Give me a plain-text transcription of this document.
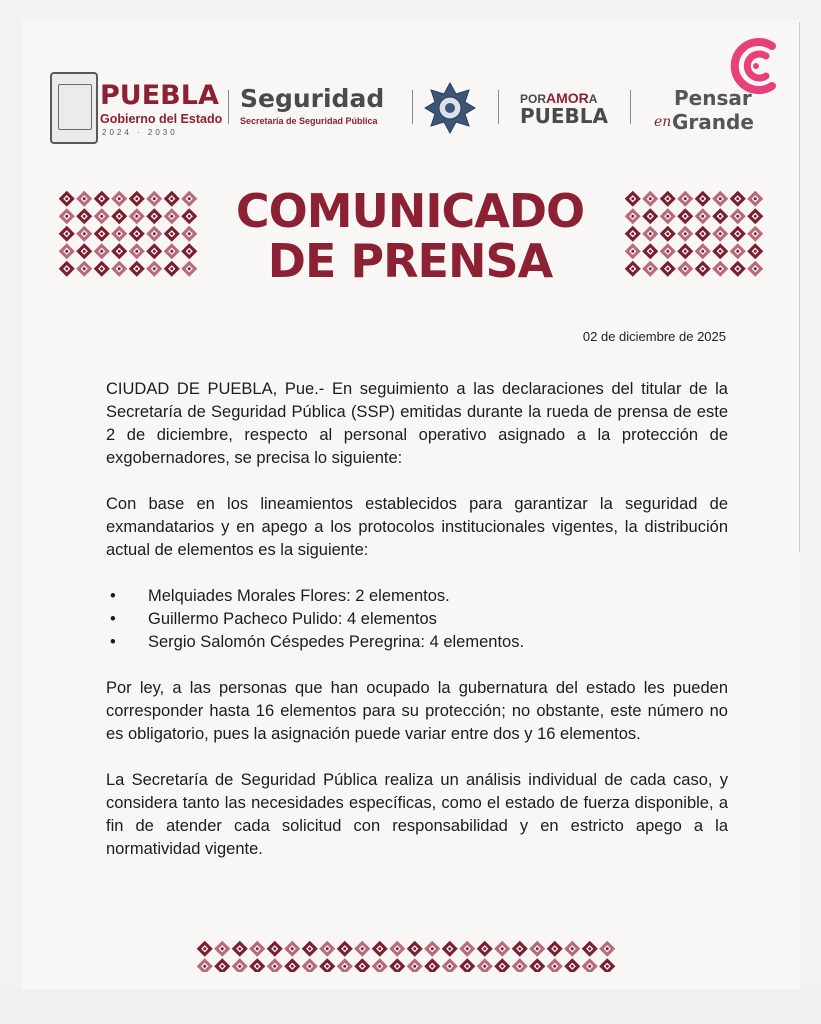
PUEBLA
Gobierno del Estado
2024 · 2030
Seguridad
Secretaría de Seguridad Pública
PORAMORA
PUEBLA
Pensar
en Grande
COMUNICADO
DE PRENSA
02 de diciembre de 2025

CIUDAD DE PUEBLA, Pue.- En seguimiento a las declaraciones del titular de la Secretaría de Seguridad Pública (SSP) emitidas durante la rueda de prensa de este 2 de diciembre, respecto al personal operativo asignado a la protección de exgobernadores, se precisa lo siguiente:

Con base en los lineamientos establecidos para garantizar la seguridad de exmandatarios y en apego a los protocolos institucionales vigentes, la distribución actual de elementos es la siguiente:

• Melquiades Morales Flores: 2 elementos.
• Guillermo Pacheco Pulido: 4 elementos
• Sergio Salomón Céspedes Peregrina: 4 elementos.

Por ley, a las personas que han ocupado la gubernatura del estado les pueden corresponder hasta 16 elementos para su protección; no obstante, este número no es obligatorio, pues la asignación puede variar entre dos y 16 elementos.

La Secretaría de Seguridad Pública realiza un análisis individual de cada caso, y considera tanto las necesidades específicas, como el estado de fuerza disponible, a fin de atender cada solicitud con responsabilidad y en estricto apego a la normatividad vigente.
